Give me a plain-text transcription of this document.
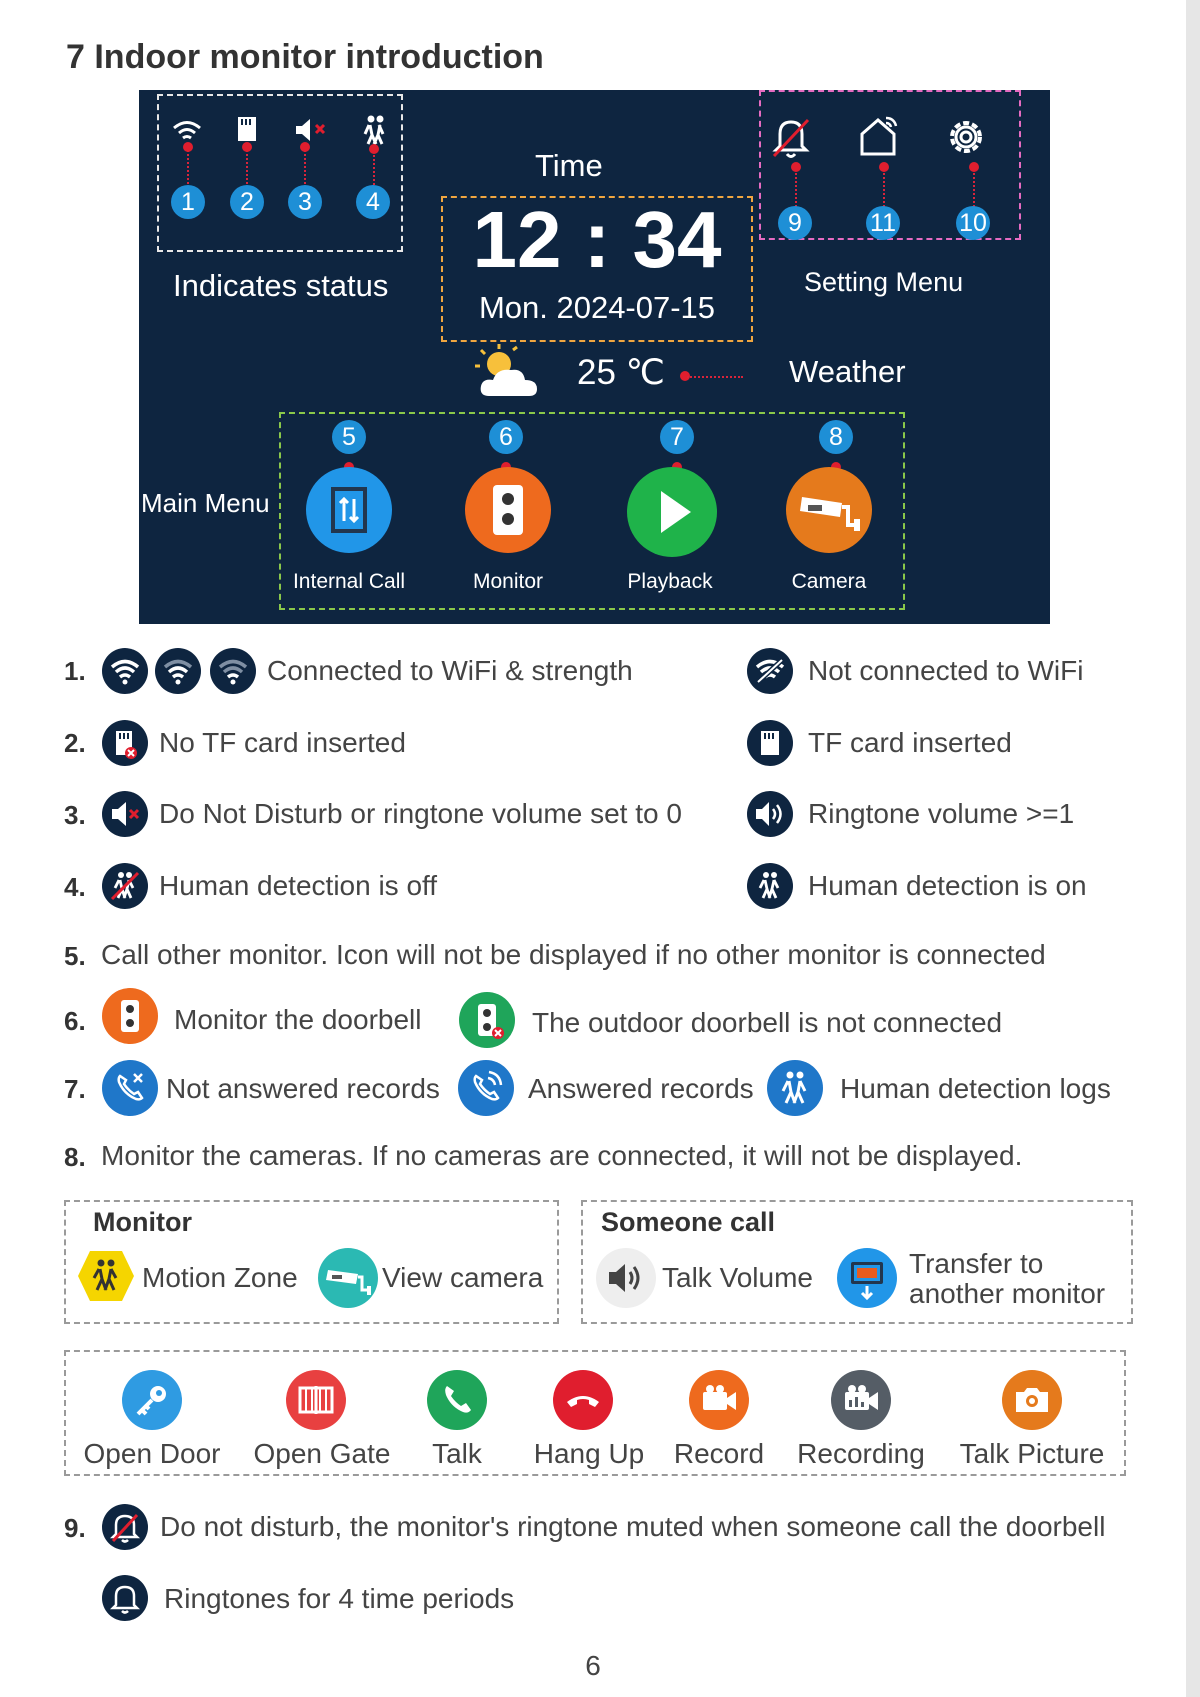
7 Indoor monitor introduction
1	2	3	4
Indicates status
Time
12 : 34
Mon. 2024-07-15
25 ℃	Weather
9	11	10
Setting Menu
Main Menu
5	6	7	8
Internal Call	Monitor	Playback	Camera
1.	Connected to WiFi & strength	Not connected to WiFi
2.	No TF card inserted	TF card inserted
3.	Do Not Disturb or ringtone volume set to 0	Ringtone volume >=1
4.	Human detection is off	Human detection is on
5. Call other monitor. Icon will not be displayed if no other monitor is connected
6.	Monitor the doorbell	The outdoor doorbell is not connected
7.	Not answered records	Answered records	Human detection logs
8. Monitor the cameras. If no cameras are connected, it will not be displayed.
Monitor
Motion Zone	View camera
Someone call
Talk Volume	Transfer to
another monitor
Open Door	Open Gate	Talk	Hang Up	Record	Recording	Talk Picture
9.	Do not disturb, the monitor's ringtone muted when someone call the doorbell
Ringtones for 4 time periods
6
